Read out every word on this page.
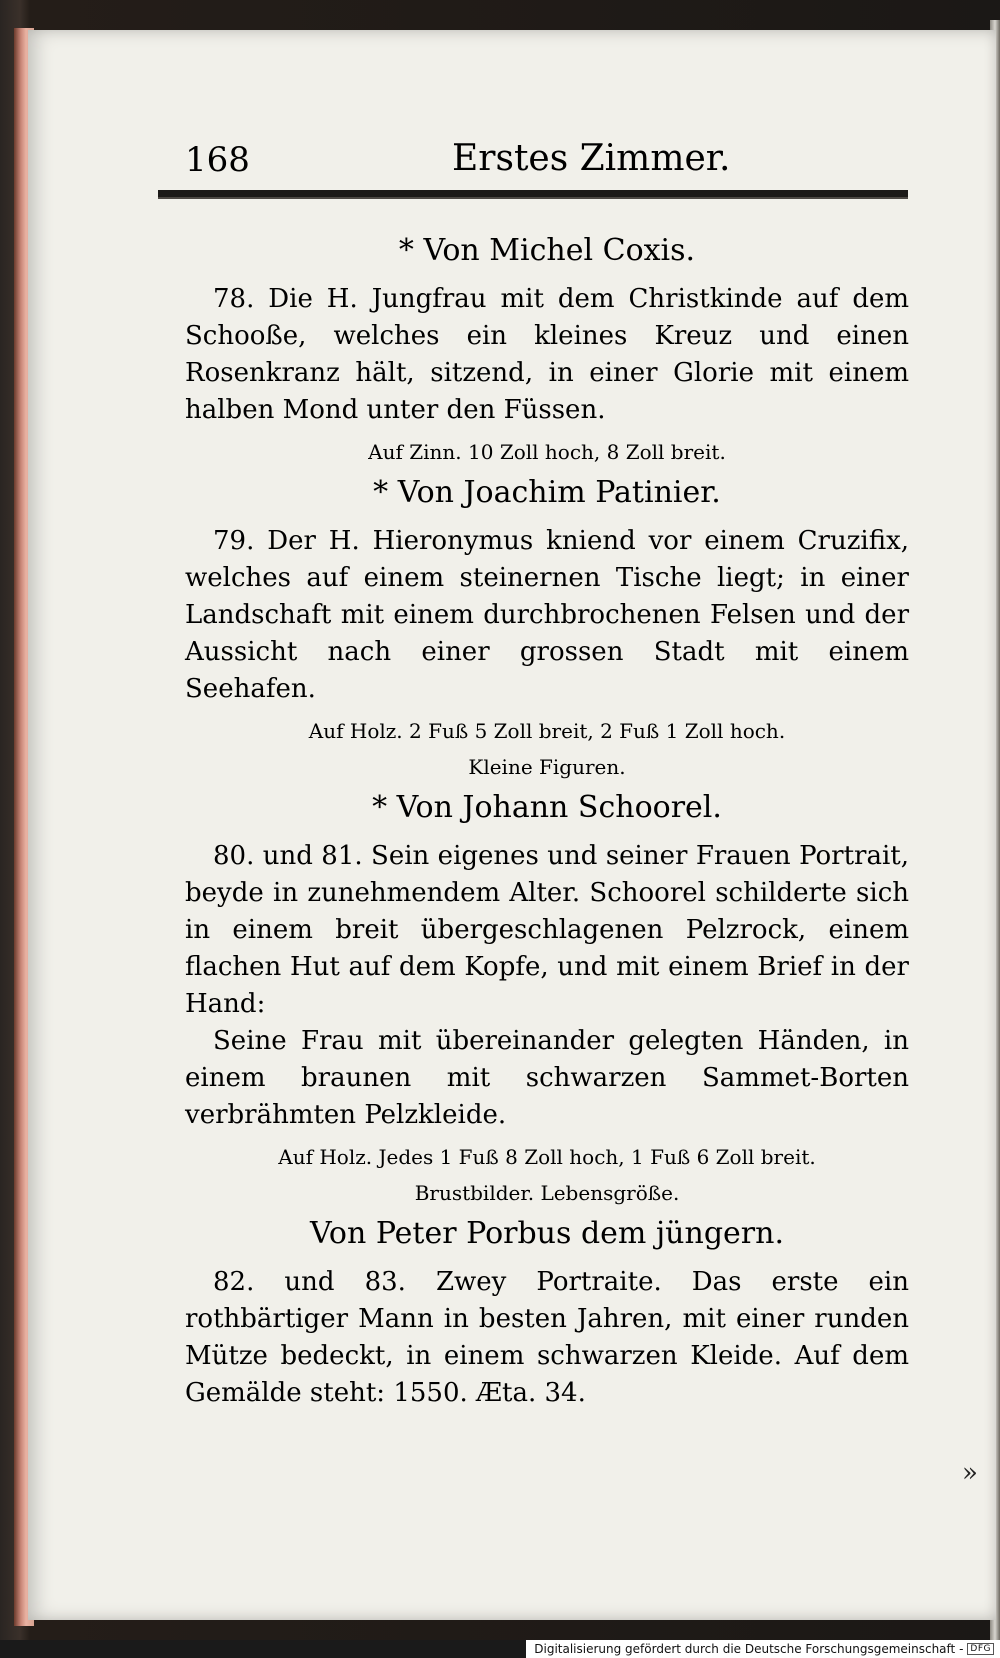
168	Erstes Zimmer.
* Von Michel Coxis.

78. Die H. Jungfrau mit dem Christkinde auf dem Schooße, welches ein kleines Kreuz und einen Rosenkranz hält, sitzend, in einer Glorie mit einem halben Mond unter den Füssen.

Auf Zinn. 10 Zoll hoch, 8 Zoll breit.
* Von Joachim Patinier.

79. Der H. Hieronymus kniend vor einem Cruzifix, welches auf einem steinernen Tische liegt; in einer Landschaft mit einem durchbrochenen Felsen und der Aussicht nach einer grossen Stadt mit einem Seehafen.

Auf Holz. 2 Fuß 5 Zoll breit, 2 Fuß 1 Zoll hoch.
Kleine Figuren.
* Von Johann Schoorel.

80. und 81. Sein eigenes und seiner Frauen Portrait, beyde in zunehmendem Alter. Schoorel schilderte sich in einem breit übergeschlagenen Pelzrock, einem flachen Hut auf dem Kopfe, und mit einem Brief in der Hand:

Seine Frau mit übereinander gelegten Händen, in einem braunen mit schwarzen Sammet-Borten verbrähmten Pelzkleide.

Auf Holz. Jedes 1 Fuß 8 Zoll hoch, 1 Fuß 6 Zoll breit.
Brustbilder. Lebensgröße.
Von Peter Porbus dem jüngern.

82. und 83. Zwey Portraite. Das erste ein rothbärtiger Mann in besten Jahren, mit einer runden Mütze bedeckt, in einem schwarzen Kleide. Auf dem Gemälde steht: 1550. Æta. 34.

»
Digitalisierung gefördert durch die Deutsche Forschungsgemeinschaft - DFG
